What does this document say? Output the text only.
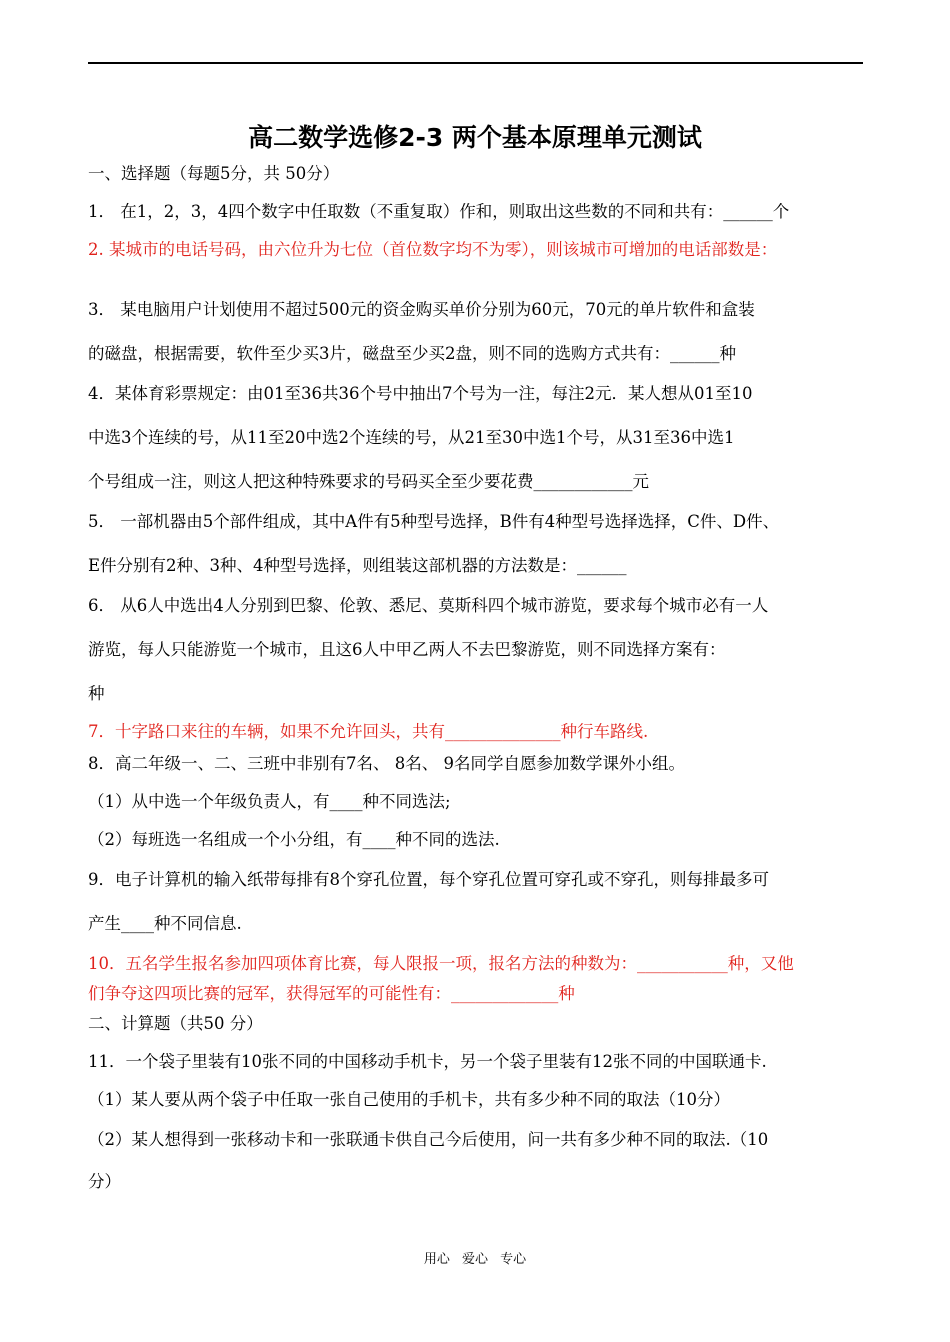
高二数学选修2-3 两个基本原理单元测试
一、选择题（每题5分，共 50分）
1． 在1，2，3，4四个数字中任取数（不重复取）作和，则取出这些数的不同和共有：______个
2. 某城市的电话号码，由六位升为七位（首位数字均不为零），则该城市可增加的电话部数是：
3． 某电脑用户计划使用不超过500元的资金购买单价分别为60元，70元的单片软件和盒装
的磁盘，根据需要，软件至少买3片，磁盘至少买2盘，则不同的选购方式共有：______种
4．某体育彩票规定：由01至36共36个号中抽出7个号为一注，每注2元．某人想从01至10
中选3个连续的号，从11至20中选2个连续的号，从21至30中选1个号，从31至36中选1
个号组成一注，则这人把这种特殊要求的号码买全至少要花费____________元
5． 一部机器由5个部件组成，其中A件有5种型号选择，B件有4种型号选择选择，C件、D件、
E件分别有2种、3种、4种型号选择，则组装这部机器的方法数是：______
6． 从6人中选出4人分别到巴黎、伦敦、悉尼、莫斯科四个城市游览，要求每个城市必有一人
游览，每人只能游览一个城市，且这6人中甲乙两人不去巴黎游览，则不同选择方案有：
种
7．十字路口来往的车辆，如果不允许回头，共有______________种行车路线.
8．高二年级一、二、三班中非别有7名、 8名、 9名同学自愿参加数学课外小组。
（1）从中选一个年级负责人，有____种不同选法;
（2）每班选一名组成一个小分组，有____种不同的选法.
9．电子计算机的输入纸带每排有8个穿孔位置，每个穿孔位置可穿孔或不穿孔，则每排最多可
产生____种不同信息.
10．五名学生报名参加四项体育比赛，每人限报一项，报名方法的种数为：___________种，又他
们争夺这四项比赛的冠军，获得冠军的可能性有：_____________种
二、计算题（共50 分）
11．一个袋子里装有10张不同的中国移动手机卡，另一个袋子里装有12张不同的中国联通卡.
（1）某人要从两个袋子中任取一张自己使用的手机卡，共有多少种不同的取法（10分）
（2）某人想得到一张移动卡和一张联通卡供自己今后使用，问一共有多少种不同的取法.（10
分）
用心 爱心 专心
